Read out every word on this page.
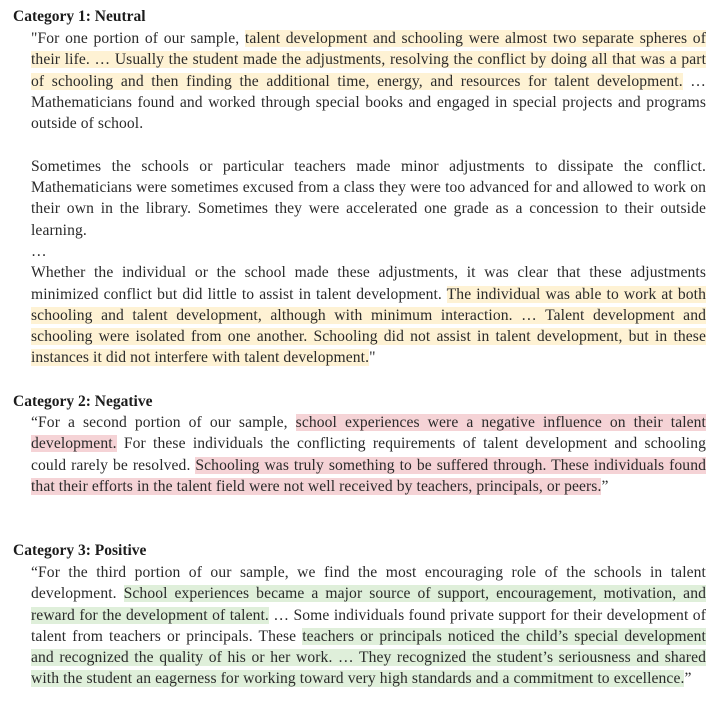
Category 1: Neutral

"For one portion of our sample, talent development and schooling were almost two separate spheres of their life. … Usually the student made the adjustments, resolving the conflict by doing all that was a part of schooling and then finding the additional time, energy, and resources for talent development. … Mathematicians found and worked through special books and engaged in special projects and programs outside of school.

Sometimes the schools or particular teachers made minor adjustments to dissipate the conflict. Mathematicians were sometimes excused from a class they were too advanced for and allowed to work on their own in the library. Sometimes they were accelerated one grade as a concession to their outside learning.

…

Whether the individual or the school made these adjustments, it was clear that these adjustments minimized conflict but did little to assist in talent development. The individual was able to work at both schooling and talent development, although with minimum interaction. … Talent development and schooling were isolated from one another. Schooling did not assist in talent development, but in these instances it did not interfere with talent development."

Category 2: Negative

“For a second portion of our sample, school experiences were a negative influence on their talent development. For these individuals the conflicting requirements of talent development and schooling could rarely be resolved. Schooling was truly something to be suffered through. These individuals found that their efforts in the talent field were not well received by teachers, principals, or peers.”

Category 3: Positive

“For the third portion of our sample, we find the most encouraging role of the schools in talent development. School experiences became a major source of support, encouragement, motivation, and reward for the development of talent. … Some individuals found private support for their development of talent from teachers or principals. These teachers or principals noticed the child’s special development and recognized the quality of his or her work. … They recognized the student’s seriousness and shared with the student an eagerness for working toward very high standards and a commitment to excellence.”
